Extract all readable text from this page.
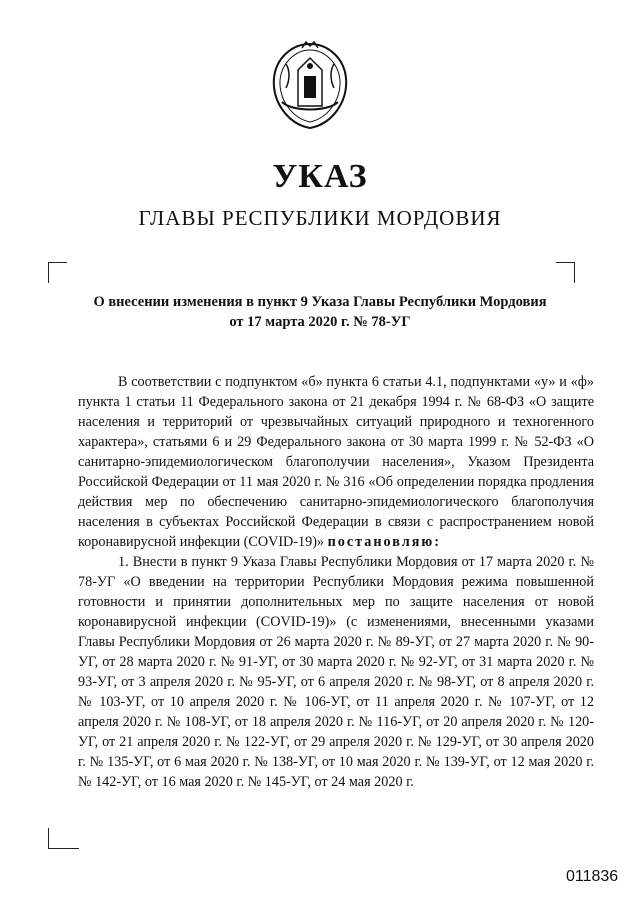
УКАЗ
ГЛАВЫ РЕСПУБЛИКИ МОРДОВИЯ
О внесении изменения в пункт 9 Указа Главы Республики Мордовия
от 17 марта 2020 г. № 78-УГ

В соответствии с подпунктом «б» пункта 6 статьи 4.1, подпунктами «у» и «ф» пункта 1 статьи 11 Федерального закона от 21 декабря 1994 г. № 68-ФЗ «О защите населения и территорий от чрезвычайных ситуаций природного и техногенного характера», статьями 6 и 29 Федерального закона от 30 марта 1999 г. № 52-ФЗ «О санитарно-эпидемиологическом благополучии населения», Указом Президента Российской Федерации от 11 мая 2020 г. № 316 «Об определении порядка продления действия мер по обеспечению санитарно-эпидемиологического благополучия населения в субъектах Российской Федерации в связи с распространением новой коронавирусной инфекции (COVID-19)» постановляю:

1. Внести в пункт 9 Указа Главы Республики Мордовия от 17 марта 2020 г. № 78-УГ «О введении на территории Республики Мордовия режима повышенной готовности и принятии дополнительных мер по защите населения от новой коронавирусной инфекции (COVID-19)» (с изменениями, внесенными указами Главы Республики Мордовия от 26 марта 2020 г. № 89-УГ, от 27 марта 2020 г. № 90-УГ, от 28 марта 2020 г. № 91-УГ, от 30 марта 2020 г. № 92-УГ, от 31 марта 2020 г. № 93-УГ, от 3 апреля 2020 г. № 95-УГ, от 6 апреля 2020 г. № 98-УГ, от 8 апреля 2020 г. № 103-УГ, от 10 апреля 2020 г. № 106-УГ, от 11 апреля 2020 г. № 107-УГ, от 12 апреля 2020 г. № 108-УГ, от 18 апреля 2020 г. № 116-УГ, от 20 апреля 2020 г. № 120-УГ, от 21 апреля 2020 г. № 122-УГ, от 29 апреля 2020 г. № 129-УГ, от 30 апреля 2020 г. № 135-УГ, от 6 мая 2020 г. № 138-УГ, от 10 мая 2020 г. № 139-УГ, от 12 мая 2020 г. № 142-УГ, от 16 мая 2020 г. № 145-УГ, от 24 мая 2020 г.

011836
